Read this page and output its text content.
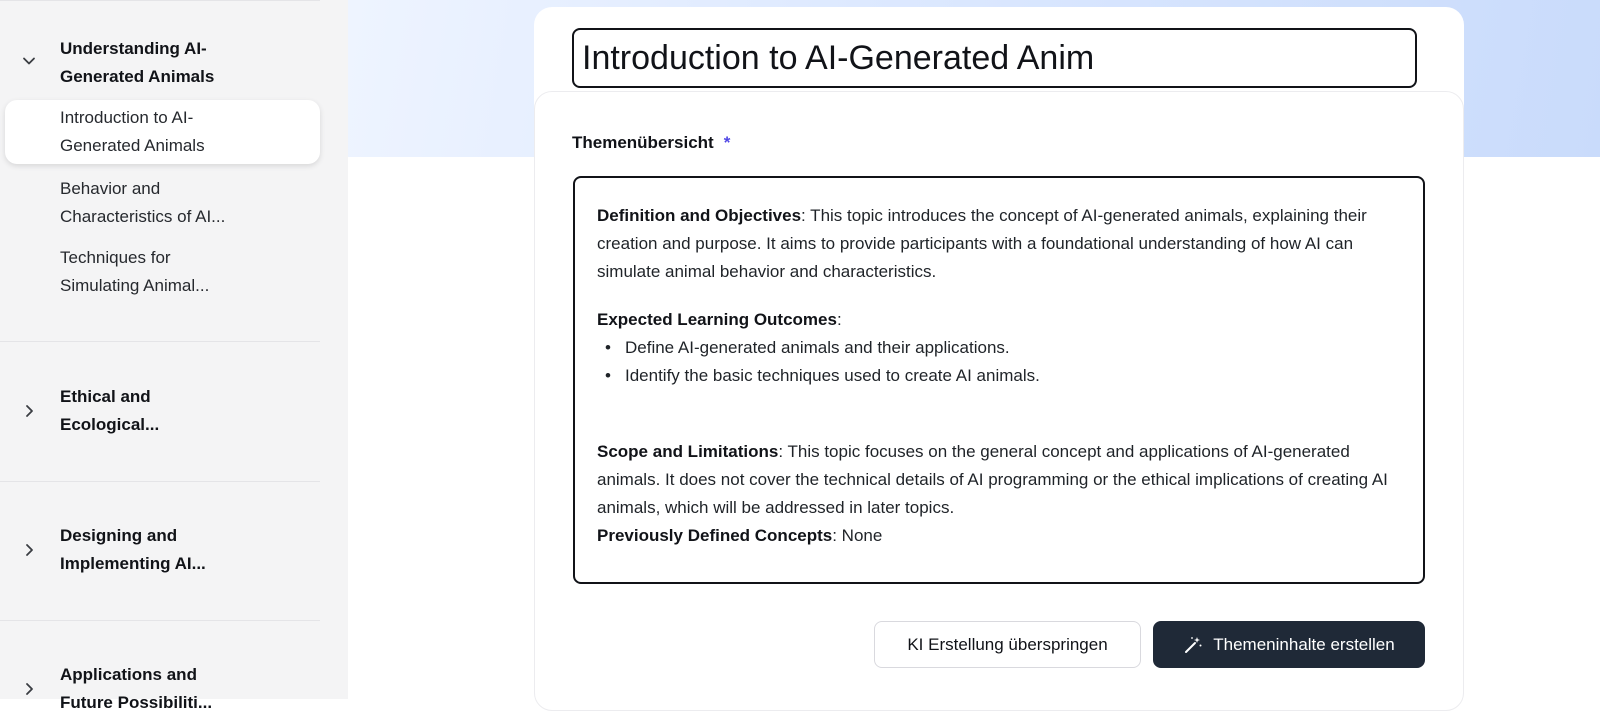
Understanding AI-
Generated Animals
Introduction to AI-
Generated Animals
Behavior and
Characteristics of AI...
Techniques for
Simulating Animal...
Ethical and
Ecological...
Designing and
Implementing AI...
Applications and
Future Possibiliti...
Introduction to AI-Generated Anim
Themenübersicht *

Definition and Objectives: This topic introduces the concept of AI-generated animals, explaining their creation and purpose. It aims to provide participants with a foundational understanding of how AI can simulate animal behavior and characteristics.

Expected Learning Outcomes:

• Define AI-generated animals and their applications.
• Identify the basic techniques used to create AI animals.

Scope and Limitations: This topic focuses on the general concept and applications of AI-generated animals. It does not cover the technical details of AI programming or the ethical implications of creating AI animals, which will be addressed in later topics.

Previously Defined Concepts: None

KI Erstellung überspringen	Themeninhalte erstellen
